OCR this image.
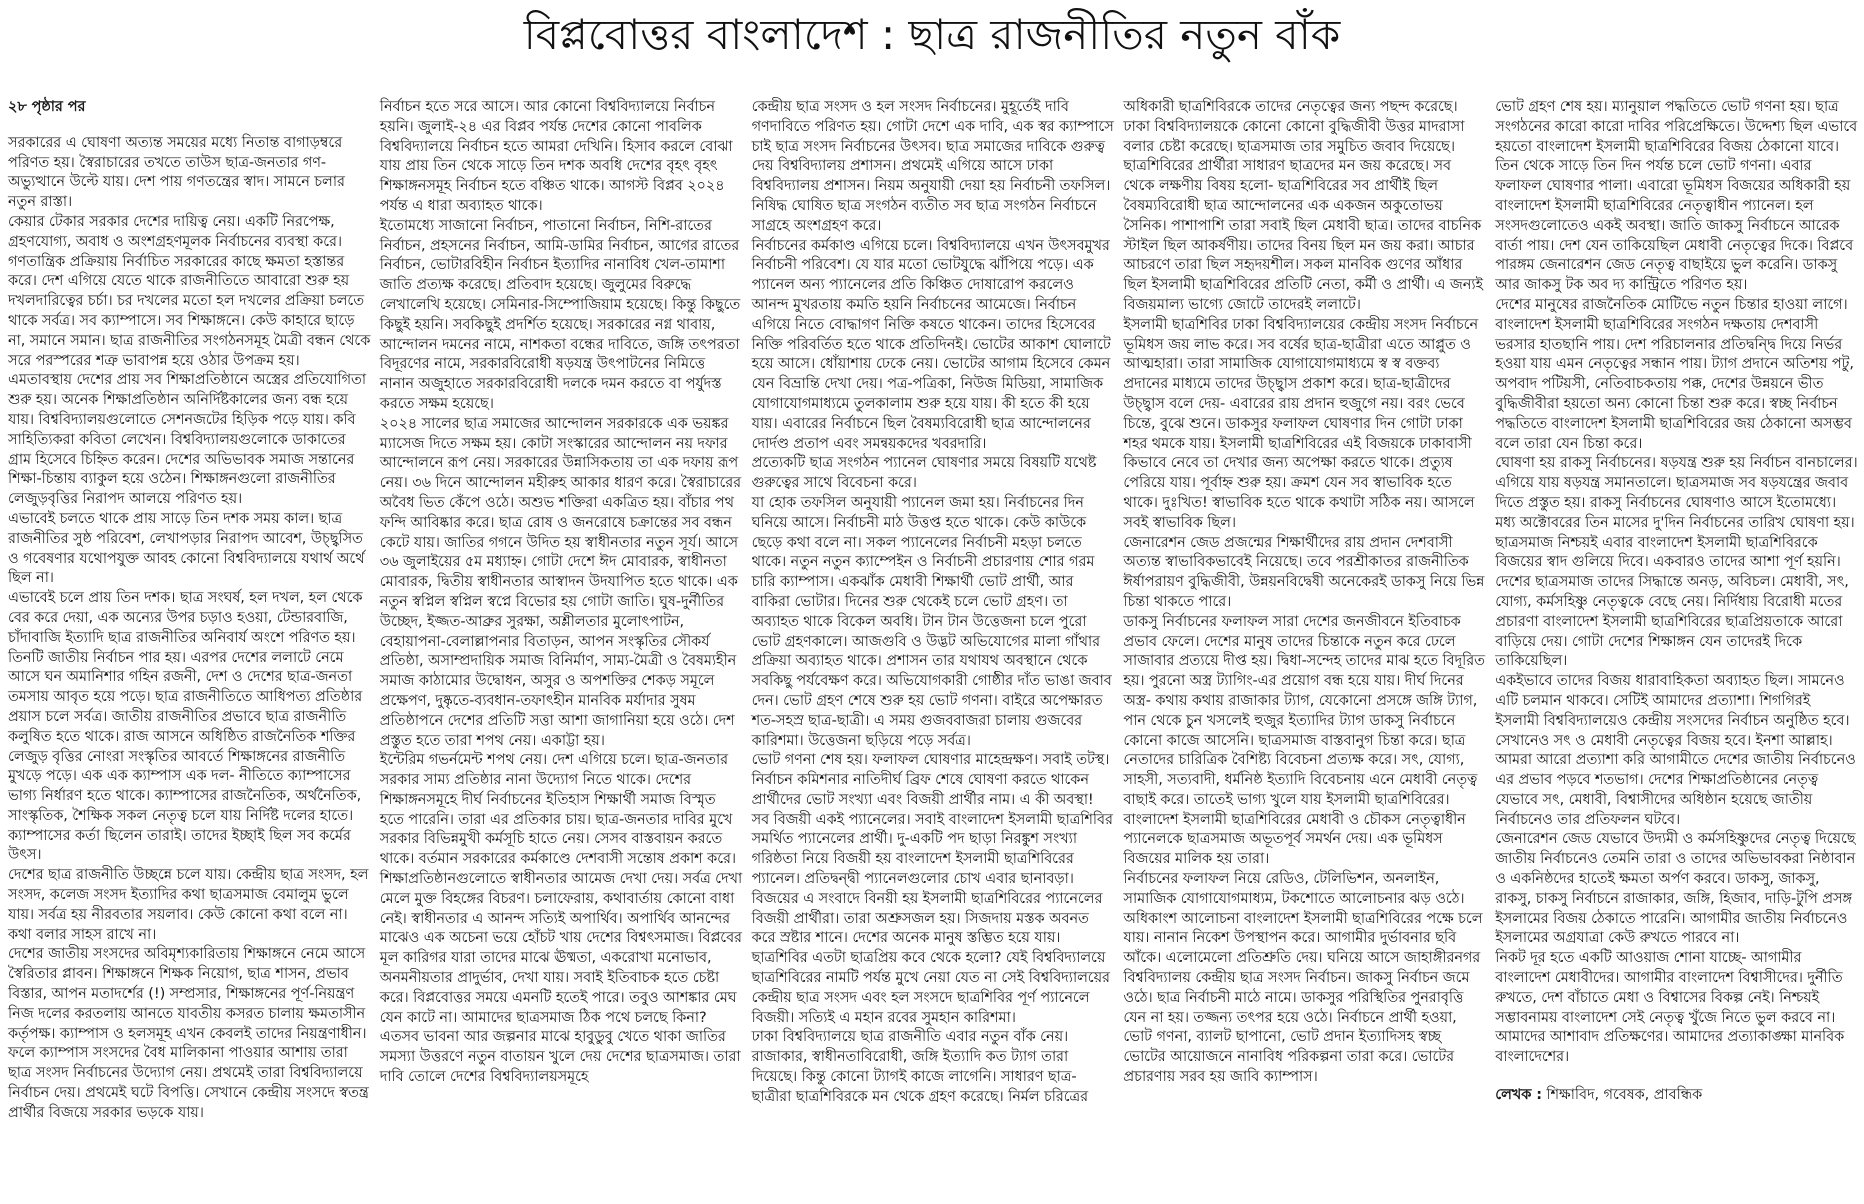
বিপ্লবোত্তর বাংলাদেশ : ছাত্র রাজনীতির নতুন বাঁক

২৮ পৃষ্ঠার পর

সরকারের এ ঘোষণা অত্যন্ত সময়ের মধ্যে নিতান্ত বাগাড়ম্বরে পরিণত হয়। স্বৈরাচারের তখতে তাউস ছাত্র-জনতার গণ-অভ্যুত্থানে উল্টে যায়। দেশ পায় গণতন্ত্রের স্বাদ। সামনে চলার নতুন রাস্তা।

কেয়ার টেকার সরকার দেশের দায়িত্ব নেয়। একটি নিরপেক্ষ, গ্রহণযোগ্য, অবাধ ও অংশগ্রহণমূলক নির্বাচনের ব্যবস্থা করে। গণতান্ত্রিক প্রক্রিয়ায় নির্বাচিত সরকারের কাছে ক্ষমতা হস্তান্তর করে। দেশ এগিয়ে যেতে থাকে রাজনীতিতে আবারো শুরু হয় দখলদারিত্বের চর্চা। চর দখলের মতো হল দখলের প্রক্রিয়া চলতে থাকে সর্বত্র। সব ক্যাম্পাসে। সব শিক্ষাঙ্গনে। কেউ কাহারে ছাড়ে না, সমানে সমান। ছাত্র রাজনীতির সংগঠনসমূহ মৈত্রী বন্ধন থেকে সরে পরস্পরের শত্রু ভাবাপন্ন হয়ে ওঠার উপক্রম হয়।

এমতাবস্থায় দেশের প্রায় সব শিক্ষাপ্রতিষ্ঠানে অস্ত্রের প্রতিযোগিতা শুরু হয়। অনেক শিক্ষাপ্রতিষ্ঠান অনির্দিষ্টকালের জন্য বন্ধ হয়ে যায়। বিশ্ববিদ্যালয়গুলোতে সেশনজটের হিড়িক পড়ে যায়। কবি সাহিত্যিকরা কবিতা লেখেন। বিশ্ববিদ্যালয়গুলোকে ডাকাতের গ্রাম হিসেবে চিহ্নিত করেন। দেশের অভিভাবক সমাজ সন্তানের শিক্ষা-চিন্তায় ব্যাকুল হয়ে ওঠেন। শিক্ষাঙ্গনগুলো রাজনীতির লেজুড়বৃত্তির নিরাপদ আলয়ে পরিণত হয়।

এভাবেই চলতে থাকে প্রায় সাড়ে তিন দশক সময় কাল। ছাত্র রাজনীতির সুষ্ঠ পরিবেশ, লেখাপড়ার নিরাপদ আবেশ, উচ্ছ্বসিত ও গবেষণার যথোপযুক্ত আবহ কোনো বিশ্ববিদ্যালয়ে যথার্থ অর্থে ছিল না।

এভাবেই চলে প্রায় তিন দশক। ছাত্র সংঘর্ষ, হল দখল, হল থেকে বের করে দেয়া, এক অন্যের উপর চড়াও হওয়া, টেন্ডারবাজি, চাঁদাবাজি ইত্যাদি ছাত্র রাজনীতির অনিবার্য অংশে পরিণত হয়। তিনটি জাতীয় নির্বাচন পার হয়। এরপর দেশের ললাটে নেমে আসে ঘন অমানিশার গহিন রজনী, দেশ ও দেশের ছাত্র-জনতা তমসায় আবৃত হয়ে পড়ে। ছাত্র রাজনীতিতে আধিপত্য প্রতিষ্ঠার প্রয়াস চলে সর্বত্র। জাতীয় রাজনীতির প্রভাবে ছাত্র রাজনীতি কলুষিত হতে থাকে। রাজ আসনে অধিষ্ঠিত রাজনৈতিক শক্তির লেজুড় বৃত্তির নোংরা সংস্কৃতির আবর্তে শিক্ষাঙ্গনের রাজনীতি মুখড়ে পড়ে। এক এক ক্যাম্পাস এক দল- নীতিতে ক্যাম্পাসের ভাগ্য নির্ধারণ হতে থাকে। ক্যাম্পাসের রাজনৈতিক, অর্থনৈতিক, সাংস্কৃতিক, শৈক্ষিক সকল নেতৃত্ব চলে যায় নির্দিষ্ট দলের হাতে। ক্যাম্পাসের কর্তা ছিলেন তারাই। তাদের ইচ্ছাই ছিল সব কর্মের উৎস।

দেশের ছাত্র রাজনীতি উচ্ছন্নে চলে যায়। কেন্দ্রীয় ছাত্র সংসদ, হল সংসদ, কলেজ সংসদ ইত্যাদির কথা ছাত্রসমাজ বেমালুম ভুলে যায়। সর্বত্র হয় নীরবতার সয়লাব। কেউ কোনো কথা বলে না। কথা বলার সাহস রাখে না।

দেশের জাতীয় সংসদের অবিমৃশ্যকারিতায় শিক্ষাঙ্গনে নেমে আসে স্বৈরিতার প্লাবন। শিক্ষাঙ্গনে শিক্ষক নিয়োগ, ছাত্র শাসন, প্রভাব বিস্তার, আপন মতাদর্শের (!) সম্প্রসার, শিক্ষাঙ্গনের পূর্ণ-নিয়ন্ত্রণ নিজ দলের করতলায় আনতে যাবতীয় কসরত চালায় ক্ষমতাসীন কর্তৃপক্ষ। ক্যাম্পাস ও হলসমূহ এখন কেবলই তাদের নিয়ন্ত্রণাধীন। ফলে ক্যাম্পাস সংসদের বৈধ মালিকানা পাওয়ার আশায় তারা ছাত্র সংসদ নির্বাচনের উদ্যোগ নেয়। প্রথমেই তারা বিশ্ববিদ্যালয়ে নির্বাচন দেয়। প্রথমেই ঘটে বিপত্তি। সেখানে কেন্দ্রীয় সংসদে স্বতন্ত্র প্রার্থীর বিজয়ে সরকার ভড়কে যায়।

নির্বাচন হতে সরে আসে। আর কোনো বিশ্ববিদ্যালয়ে নির্বাচন হয়নি। জুলাই-২৪ এর বিপ্লব পর্যন্ত দেশের কোনো পাবলিক বিশ্ববিদ্যালয়ে নির্বাচন হতে আমরা দেখিনি। হিসাব করলে বোঝা যায় প্রায় তিন থেকে সাড়ে তিন দশক অবধি দেশের বৃহৎ বৃহৎ শিক্ষাঙ্গনসমূহ নির্বাচন হতে বঞ্চিত থাকে। আগস্ট বিপ্লব ২০২৪ পর্যন্ত এ ধারা অব্যাহত থাকে।

ইতোমধ্যে সাজানো নির্বাচন, পাতানো নির্বাচন, নিশি-রাতের নির্বাচন, প্রহসনের নির্বাচন, আমি-ডামির নির্বাচন, আগের রাতের নির্বাচন, ভোটারবিহীন নির্বাচন ইত্যাদির নানাবিধ খেল-তামাশা জাতি প্রত্যক্ষ করেছে। প্রতিবাদ হয়েছে। জুলুমের বিরুদ্ধে লেখালেখি হয়েছে। সেমিনার-সিম্পোজিয়াম হয়েছে। কিন্তু কিছুতে কিছুই হয়নি। সবকিছুই প্রদর্শিত হয়েছে। সরকারের নগ্ন থাবায়, আন্দোলন দমনের নামে, নাশকতা বন্ধের দাবিতে, জঙ্গি তৎপরতা বিদূরণের নামে, সরকারবিরোধী ষড়যন্ত্র উৎপাটনের নিমিত্তে নানান অজুহাতে সরকারবিরোধী দলকে দমন করতে বা পর্যুদস্ত করতে সক্ষম হয়েছে।

২০২৪ সালের ছাত্র সমাজের আন্দোলন সরকারকে এক ভয়ঙ্কর ম্যাসেজ দিতে সক্ষম হয়। কোটা সংস্কারের আন্দোলন নয় দফার আন্দোলনে রূপ নেয়। সরকারের উন্নাসিকতায় তা এক দফায় রূপ নেয়। ৩৬ দিনে আন্দোলন মহীরুহ আকার ধারণ করে। স্বৈরাচারের অবৈধ ভিত কেঁপে ওঠে। অশুভ শক্তিরা একত্রিত হয়। বাঁচার পথ ফন্দি আবিষ্কার করে। ছাত্র রোষ ও জনরোষে চক্রান্তের সব বন্ধন কেটে যায়। জাতির গগনে উদিত হয় স্বাধীনতার নতুন সূর্য। আসে ৩৬ জুলাইয়ের ৫ম মধ্যাহ্ন। গোটা দেশে ঈদ মোবারক, স্বাধীনতা মোবারক, দ্বিতীয় স্বাধীনতার আস্বাদন উদযাপিত হতে থাকে। এক নতুন স্বপ্নিল স্বপ্নিল স্বপ্নে বিভোর হয় গোটা জাতি। ঘুষ-দুর্নীতির উচ্ছেদ, ইজ্জত-আব্রুর সুরক্ষা, অশ্লীলতার মুলোৎপাটন, বেহায়াপনা-বেলাল্লাপনার বিতাড়ন, আপন সংস্কৃতির সৌকর্য প্রতিষ্ঠা, অসাম্প্রদায়িক সমাজ বিনির্মাণ, সাম্য-মৈত্রী ও বৈষম্যহীন সমাজ কাঠামোর উদ্বোধন, অসুর ও অপশক্তির শেকড় সমূলে প্রক্ষেপণ, দুষ্কৃতে-ব্যবধান-তফাৎহীন মানবিক মর্যাদার সুষম প্রতিষ্ঠাপনে দেশের প্রতিটি সত্তা আশা জাগানিয়া হয়ে ওঠে। দেশ প্রস্তুত হতে তারা শপথ নেয়। একাট্টা হয়।

ইন্টেরিম গভর্নমেন্ট শপথ নেয়। দেশ এগিয়ে চলে। ছাত্র-জনতার সরকার সাম্য প্রতিষ্ঠার নানা উদ্যোগ নিতে থাকে। দেশের শিক্ষাঙ্গনসমূহে দীর্ঘ নির্বাচনের ইতিহাস শিক্ষার্থী সমাজ বিস্মৃত হতে পারেনি। তারা এর প্রতিকার চায়। ছাত্র-জনতার দাবির মুখে সরকার বিভিন্নমুখী কর্মসূচি হাতে নেয়। সেসব বাস্তবায়ন করতে থাকে। বর্তমান সরকারের কর্মকাণ্ডে দেশবাসী সন্তোষ প্রকাশ করে।

শিক্ষাপ্রতিষ্ঠানগুলোতে স্বাধীনতার আমেজ দেখা দেয়। সর্বত্র দেখা মেলে মুক্ত বিহঙ্গের বিচরণ। চলাফেরায়, কথাবার্তায় কোনো বাধা নেই। স্বাধীনতার এ আনন্দ সত্যিই অপার্থিব। অপার্থিব আনন্দের মাঝেও এক অচেনা ভয়ে হোঁচট খায় দেশের বিশ্বৎসমাজ। বিপ্লবের মূল কারিগর যারা তাদের মাঝে ঊষ্মতা, একরোখা মনোভাব, অনমনীয়তার প্রাদুর্ভাব, দেখা যায়। সবাই ইতিবাচক হতে চেষ্টা করে। বিপ্লবোত্তর সময়ে এমনটি হতেই পারে। তবুও আশঙ্কার মেঘ যেন কাটে না। আমাদের ছাত্রসমাজ ঠিক পথে চলছে কিনা?

এতসব ভাবনা আর জল্পনার মাঝে হাবুডুবু খেতে থাকা জাতির সমস্যা উত্তরণে নতুন বাতায়ন খুলে দেয় দেশের ছাত্রসমাজ। তারা দাবি তোলে দেশের বিশ্ববিদ্যালয়সমূহে

কেন্দ্রীয় ছাত্র সংসদ ও হল সংসদ নির্বাচনের। মুহূর্তেই দাবি গণদাবিতে পরিণত হয়। গোটা দেশে এক দাবি, এক স্বর ক্যাম্পাসে চাই ছাত্র সংসদ নির্বাচনের উৎসব। ছাত্র সমাজের দাবিকে গুরুত্ব দেয় বিশ্ববিদ্যালয় প্রশাসন। প্রথমেই এগিয়ে আসে ঢাকা বিশ্ববিদ্যালয় প্রশাসন। নিয়ম অনুযায়ী দেয়া হয় নির্বাচনী তফসিল। নিষিদ্ধ ঘোষিত ছাত্র সংগঠন ব্যতীত সব ছাত্র সংগঠন নির্বাচনে সাগ্রহে অংশগ্রহণ করে।

নির্বাচনের কর্মকাণ্ড এগিয়ে চলে। বিশ্ববিদ্যালয়ে এখন উৎসবমুখর নির্বাচনী পরিবেশ। যে যার মতো ভোটযুদ্ধে ঝাঁপিয়ে পড়ে। এক প্যানেল অন্য প্যানেলের প্রতি কিঞ্চিত দোষারোপ করলেও আনন্দ মুখরতায় কমতি হয়নি নির্বাচনের আমেজে। নির্বাচন এগিয়ে নিতে বোদ্ধাগণ নিক্তি কষতে থাকেন। তাদের হিসেবের নিক্তি পরিবর্তিত হতে থাকে প্রতিদিনই। ভোটের আকাশ ঘোলাটে হয়ে আসে। ধোঁয়াশায় ঢেকে নেয়। ভোটের আগাম হিসেবে কেমন যেন বিভ্রান্তি দেখা দেয়। পত্র-পত্রিকা, নিউজ মিডিয়া, সামাজিক যোগাযোগমাধ্যমে তুলকালাম শুরু হয়ে যায়। কী হতে কী হয়ে যায়। এবারের নির্বাচনে ছিল বৈষম্যবিরোধী ছাত্র আন্দোলনের দোর্দণ্ড প্রতাপ এবং সমন্বয়কদের খবরদারি।

প্রত্যেকটি ছাত্র সংগঠন প্যানেল ঘোষণার সময়ে বিষয়টি যথেষ্ট গুরুত্বের সাথে বিবেচনা করে।

যা হোক তফসিল অনুযায়ী প্যানেল জমা হয়। নির্বাচনের দিন ঘনিয়ে আসে। নির্বাচনী মাঠ উত্তপ্ত হতে থাকে। কেউ কাউকে ছেড়ে কথা বলে না। সকল প্যানেলের নির্বাচনী মহড়া চলতে থাকে। নতুন নতুন ক্যাম্পেইন ও নির্বাচনী প্রচারণায় শোর গরম চারি ক্যাম্পাস। একঝাঁক মেধাবী শিক্ষার্থী ভোট প্রার্থী, আর বাকিরা ভোটার। দিনের শুরু থেকেই চলে ভোট গ্রহণ। তা অব্যাহত থাকে বিকেল অবধি। টান টান উত্তেজনা চলে পুরো ভোট গ্রহণকালে। আজগুবি ও উদ্ভট অভিযোগের মালা গাঁথার প্রক্রিয়া অব্যাহত থাকে। প্রশাসন তার যথাযথ অবস্থানে থেকে সবকিছু পর্যবেক্ষণ করে। অভিযোগকারী গোষ্ঠীর দাঁত ভাঙা জবাব দেন। ভোট গ্রহণ শেষে শুরু হয় ভোট গণনা। বাইরে অপেক্ষারত শত-সহস্র ছাত্র-ছাত্রী। এ সময় গুজববাজরা চালায় গুজবের কারিশমা। উত্তেজনা ছড়িয়ে পড়ে সর্বত্র।

ভোট গণনা শেষ হয়। ফলাফল ঘোষণার মাহেন্দ্রক্ষণ। সবাই তটস্থ। নির্বাচন কমিশনার নাতিদীর্ঘ ব্রিফ শেষে ঘোষণা করতে থাকেন প্রার্থীদের ভোট সংখ্যা এবং বিজয়ী প্রার্থীর নাম। এ কী অবস্থা! সব বিজয়ী একই প্যানেলের। সবাই বাংলাদেশ ইসলামী ছাত্রশিবির সমর্থিত প্যানেলের প্রার্থী। দু-একটি পদ ছাড়া নিরঙ্কুশ সংখ্যা গরিষ্ঠতা নিয়ে বিজয়ী হয় বাংলাদেশ ইসলামী ছাত্রশিবিরের প্যানেল। প্রতিদ্বন্দ্বী প্যানেলগুলোর চোখ এবার ছানাবড়া। বিজয়ের এ সংবাদে বিনয়ী হয় ইসলামী ছাত্রশিবিরের প্যানেলের বিজয়ী প্রার্থীরা। তারা অশ্রুসজল হয়। সিজদায় মস্তক অবনত করে স্রষ্টার শানে। দেশের অনেক মানুষ স্তম্ভিত হয়ে যায়। ছাত্রশিবির এতটা ছাত্রপ্রিয় কবে থেকে হলো? যেই বিশ্ববিদ্যালয়ে ছাত্রশিবিরের নামটি পর্যন্ত মুখে নেয়া যেত না সেই বিশ্ববিদ্যালয়ের কেন্দ্রীয় ছাত্র সংসদ এবং হল সংসদে ছাত্রশিবির পূর্ণ প্যানেলে বিজয়ী। সত্যিই এ মহান রবের সুমহান কারিশমা।

ঢাকা বিশ্ববিদ্যালয়ে ছাত্র রাজনীতি এবার নতুন বাঁক নেয়। রাজাকার, স্বাধীনতাবিরোধী, জঙ্গি ইত্যাদি কত ট্যাগ তারা দিয়েছে। কিন্তু কোনো ট্যাগই কাজে লাগেনি। সাধারণ ছাত্র-ছাত্রীরা ছাত্রশিবিরকে মন থেকে গ্রহণ করেছে। নির্মল চরিত্রের

অধিকারী ছাত্রশিবিরকে তাদের নেতৃত্বের জন্য পছন্দ করেছে। ঢাকা বিশ্ববিদ্যালয়কে কোনো কোনো বুদ্ধিজীবী উত্তর মাদরাসা বলার চেষ্টা করেছে। ছাত্রসমাজ তার সমুচিত জবাব দিয়েছে। ছাত্রশিবিরের প্রার্থীরা সাধারণ ছাত্রদের মন জয় করেছে। সব থেকে লক্ষণীয় বিষয় হলো- ছাত্রশিবিরের সব প্রার্থীই ছিল বৈষম্যবিরোধী ছাত্র আন্দোলনের এক একজন অকুতোভয় সৈনিক। পাশাপাশি তারা সবাই ছিল মেধাবী ছাত্র। তাদের বাচনিক স্টাইল ছিল আকর্ষণীয়। তাদের বিনয় ছিল মন জয় করা। আচার আচরণে তারা ছিল সহৃদয়শীল। সকল মানবিক গুণের আঁধার ছিল ইসলামী ছাত্রশিবিরের প্রতিটি নেতা, কর্মী ও প্রার্থী। এ জন্যই বিজয়মাল্য ভাগ্যে জোটে তাদেরই ললাটে।

ইসলামী ছাত্রশিবির ঢাকা বিশ্ববিদ্যালয়ের কেন্দ্রীয় সংসদ নির্বাচনে ভূমিধস জয় লাভ করে। সব বর্ষের ছাত্র-ছাত্রীরা এতে আপ্লুত ও আত্মহারা। তারা সামাজিক যোগাযোগমাধ্যমে স্ব স্ব বক্তব্য প্রদানের মাধ্যমে তাদের উচ্ছ্বাস প্রকাশ করে। ছাত্র-ছাত্রীদের উচ্ছ্বাস বলে দেয়- এবারের রায় প্রদান হুজুগে নয়। বরং ভেবে চিন্তে, বুঝে শুনে। ডাকসুর ফলাফল ঘোষণার দিন গোটা ঢাকা শহর থমকে যায়। ইসলামী ছাত্রশিবিরের এই বিজয়কে ঢাকাবাসী কিভাবে নেবে তা দেখার জন্য অপেক্ষা করতে থাকে। প্রত্যুষ পেরিয়ে যায়। পূর্বাহ্ন শুরু হয়। ক্রমশ যেন সব স্বাভাবিক হতে থাকে। দুঃখিত! স্বাভাবিক হতে থাকে কথাটা সঠিক নয়। আসলে সবই স্বাভাবিক ছিল।

জেনারেশন জেড প্রজন্মের শিক্ষার্থীদের রায় প্রদান দেশবাসী অত্যন্ত স্বাভাবিকভাবেই নিয়েছে। তবে পরশ্রীকাতর রাজনীতিক ঈর্ষাপরায়ণ বুদ্ধিজীবী, উন্নয়নবিদ্বেষী অনেকেরই ডাকসু নিয়ে ভিন্ন চিন্তা থাকতে পারে।

ডাকসু নির্বাচনের ফলাফল সারা দেশের জনজীবনে ইতিবাচক প্রভাব ফেলে। দেশের মানুষ তাদের চিন্তাকে নতুন করে ঢেলে সাজাবার প্রত্যয়ে দীপ্ত হয়। দ্বিধা-সন্দেহ তাদের মাঝ হতে বিদূরিত হয়। পুরনো অস্ত্র ট্যাগিং-এর প্রয়োগ বন্ধ হয়ে যায়। দীর্ঘ দিনের অস্ত্র- কথায় কথায় রাজাকার ট্যাগ, যেকোনো প্রসঙ্গে জঙ্গি ট্যাগ, পান থেকে চুন খসলেই হুজুর ইত্যাদির ট্যাগ ডাকসু নির্বাচনে কোনো কাজে আসেনি। ছাত্রসমাজ বাস্তবানুগ চিন্তা করে। ছাত্র নেতাদের চারিত্রিক বৈশিষ্ট্য বিবেচনা প্রত্যক্ষ করে। সৎ, যোগ্য, সাহসী, সত্যবাদী, ধর্মনিষ্ঠ ইত্যাদি বিবেচনায় এনে মেধাবী নেতৃত্ব বাছাই করে। তাতেই ভাগ্য খুলে যায় ইসলামী ছাত্রশিবিরের। বাংলাদেশ ইসলামী ছাত্রশিবিরের মেধাবী ও চৌকস নেতৃত্বাধীন প্যানেলকে ছাত্রসমাজ অভূতপূর্ব সমর্থন দেয়। এক ভূমিধস বিজয়ের মালিক হয় তারা।

নির্বাচনের ফলাফল নিয়ে রেডিও, টেলিভিশন, অনলাইন, সামাজিক যোগাযোগমাধ্যম, টকশোতে আলোচনার ঝড় ওঠে। অধিকাংশ আলোচনা বাংলাদেশ ইসলামী ছাত্রশিবিরের পক্ষে চলে যায়। নানান নিকেশ উপস্থাপন করে। আগামীর দুর্ভাবনার ছবি আঁকে। এলোমেলো প্রতিশ্রুতি দেয়। ঘনিয়ে আসে জাহাঙ্গীরনগর বিশ্ববিদ্যালয় কেন্দ্রীয় ছাত্র সংসদ নির্বাচন। জাকসু নির্বাচন জমে ওঠে। ছাত্র নির্বাচনী মাঠে নামে। ডাকসুর পরিস্থিতির পুনরাবৃত্তি যেন না হয়। তজ্জন্য তৎপর হয়ে ওঠে। নির্বাচনে প্রার্থী হওয়া, ভোট গণনা, ব্যালট ছাপানো, ভোট প্রদান ইত্যাদিসহ স্বচ্ছ ভোটের আয়োজনে নানাবিধ পরিকল্পনা তারা করে। ভোটের প্রচারণায় সরব হয় জাবি ক্যাম্পাস।

ভোট গ্রহণ শেষ হয়। ম্যানুয়াল পদ্ধতিতে ভোট গণনা হয়। ছাত্র সংগঠনের কারো কারো দাবির পরিপ্রেক্ষিতে। উদ্দেশ্য ছিল এভাবে হয়তো বাংলাদেশ ইসলামী ছাত্রশিবিরের বিজয় ঠেকানো যাবে। তিন থেকে সাড়ে তিন দিন পর্যন্ত চলে ভোট গণনা। এবার ফলাফল ঘোষণার পালা। এবারো ভূমিধস বিজয়ের অধিকারী হয় বাংলাদেশ ইসলামী ছাত্রশিবিরের নেতৃত্বাধীন প্যানেল। হল সংসদগুলোতেও একই অবস্থা। জাতি জাকসু নির্বাচনে আরেক বার্তা পায়। দেশ যেন তাকিয়েছিল মেধাবী নেতৃত্বের দিকে। বিপ্লবে পারঙ্গম জেনারেশন জেড নেতৃত্ব বাছাইয়ে ভুল করেনি। ডাকসু আর জাকসু টক অব দ্য কান্ট্রিতে পরিণত হয়।

দেশের মানুষের রাজনৈতিক মোটিভে নতুন চিন্তার হাওয়া লাগে। বাংলাদেশ ইসলামী ছাত্রশিবিরের সংগঠন দক্ষতায় দেশবাসী ভরসার হাতছানি পায়। দেশ পরিচালনার প্রতিদ্বন্দ্বি দিয়ে নির্ভর হওয়া যায় এমন নেতৃত্বের সন্ধান পায়। ট্যাগ প্রদানে অতিশয় পটু, অপবাদ পটিয়সী, নেতিবাচকতায় পক্ক, দেশের উন্নয়নে ভীত বুদ্ধিজীবীরা হয়তো অন্য কোনো চিন্তা শুরু করে। স্বচ্ছ নির্বাচন পদ্ধতিতে বাংলাদেশ ইসলামী ছাত্রশিবিরের জয় ঠেকানো অসম্ভব বলে তারা যেন চিন্তা করে।

ঘোষণা হয় রাকসু নির্বাচনের। ষড়যন্ত্র শুরু হয় নির্বাচন বানচালের। এগিয়ে যায় ষড়যন্ত্র সমানতালে। ছাত্রসমাজ সব ষড়যন্ত্রের জবাব দিতে প্রস্তুত হয়। রাকসু নির্বাচনের ঘোষণাও আসে ইতোমধ্যে। মধ্য অক্টোবরের তিন মাসের দু'দিন নির্বাচনের তারিখ ঘোষণা হয়। ছাত্রসমাজ নিশ্চয়ই এবার বাংলাদেশ ইসলামী ছাত্রশিবিরকে বিজয়ের স্বাদ গুলিয়ে দিবে। একবারও তাদের আশা পূর্ণ হয়নি। দেশের ছাত্রসমাজ তাদের সিদ্ধান্তে অনড়, অবিচল। মেধাবী, সৎ, যোগ্য, কর্মসহিষ্ণু নেতৃত্বকে বেছে নেয়। নির্দিধায় বিরোধী মতের প্রচারণা বাংলাদেশ ইসলামী ছাত্রশিবিরের ছাত্রপ্রিয়তাকে আরো বাড়িয়ে দেয়। গোটা দেশের শিক্ষাঙ্গন যেন তাদেরই দিকে তাকিয়েছিল।

একইভাবে তাদের বিজয় ধারাবাহিকতা অব্যাহত ছিল। সামনেও এটি চলমান থাকবে। সেটিই আমাদের প্রত্যাশা। শিগগিরই ইসলামী বিশ্ববিদ্যালয়েও কেন্দ্রীয় সংসদের নির্বাচন অনুষ্ঠিত হবে। সেখানেও সৎ ও মেধাবী নেতৃত্বের বিজয় হবে। ইনশা আল্লাহ। আমরা আরো প্রত্যাশা করি আগামীতে দেশের জাতীয় নির্বাচনেও এর প্রভাব পড়বে শতভাগ। দেশের শিক্ষাপ্রতিষ্ঠানের নেতৃত্ব যেভাবে সৎ, মেধাবী, বিশ্বাসীদের অধিষ্ঠান হয়েছে জাতীয় নির্বাচনেও তার প্রতিফলন ঘটবে।

জেনারেশন জেড যেভাবে উদ্যমী ও কর্মসহিষ্ণুদের নেতৃত্ব দিয়েছে জাতীয় নির্বাচনেও তেমনি তারা ও তাদের অভিভাবকরা নিষ্ঠাবান ও একনিষ্ঠদের হাতেই ক্ষমতা অর্পণ করবে। ডাকসু, জাকসু, রাকসু, চাকসু নির্বাচনে রাজাকার, জঙ্গি, হিজাব, দাড়ি-টুপি প্রসঙ্গ ইসলামের বিজয় ঠেকাতে পারেনি। আগামীর জাতীয় নির্বাচনেও ইসলামের অগ্রযাত্রা কেউ রুখতে পারবে না।

নিকট দূর হতে একটি আওয়াজ শোনা যাচ্ছে- আগামীর বাংলাদেশ মেধাবীদের। আগামীর বাংলাদেশ বিশ্বাসীদের। দুর্নীতি রুখতে, দেশ বাঁচাতে মেধা ও বিশ্বাসের বিকল্প নেই। নিশ্চয়ই সম্ভাবনাময় বাংলাদেশ সেই নেতৃত্ব খুঁজে নিতে ভুল করবে না। আমাদের আশাবাদ প্রতিক্ষণের। আমাদের প্রত্যাকাঙ্ক্ষা মানবিক বাংলাদেশের।

লেখক : শিক্ষাবিদ, গবেষক, প্রাবন্ধিক
